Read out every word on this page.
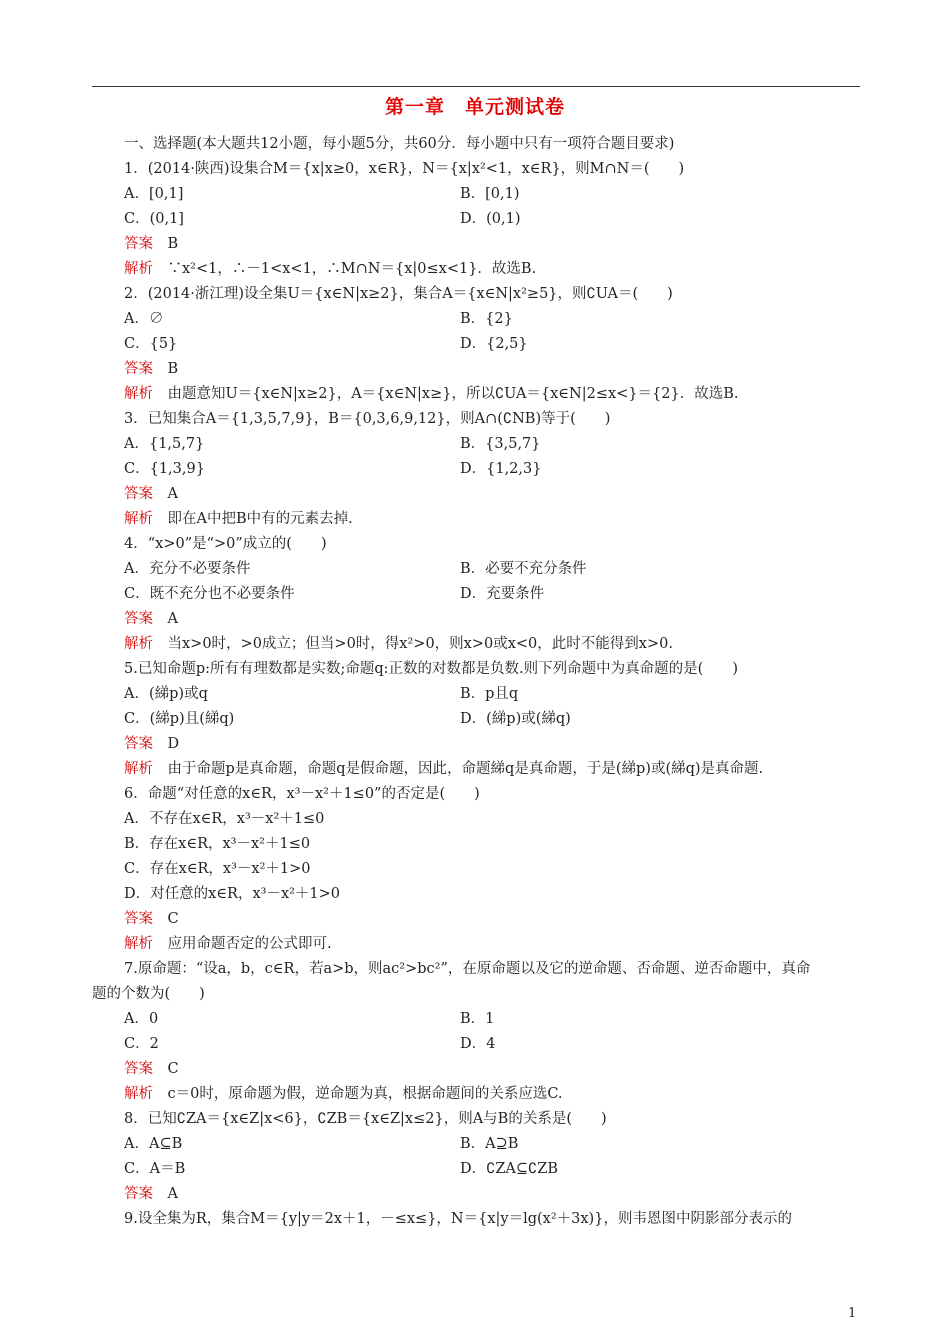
第一章　单元测试卷
一、选择题(本大题共12小题，每小题5分，共60分．每小题中只有一项符合题目要求)
1．(2014·陕西)设集合M＝{x|x≥0，x∈R}，N＝{x|x²<1，x∈R}，则M∩N＝(　　)
A．[0,1]	B．[0,1)
C．(0,1]	D．(0,1)
答案　B
解析　∵x²<1，∴－1<x<1，∴M∩N＝{x|0≤x<1}．故选B.
2．(2014·浙江理)设全集U＝{x∈N|x≥2}，集合A＝{x∈N|x²≥5}，则∁UA＝(　　)
A．∅	B．{2}
C．{5}	D．{2,5}
答案　B
解析　由题意知U＝{x∈N|x≥2}，A＝{x∈N|x≥}，所以∁UA＝{x∈N|2≤x<}＝{2}．故选B.
3．已知集合A＝{1,3,5,7,9}，B＝{0,3,6,9,12}，则A∩(∁NB)等于(　　)
A．{1,5,7}	B．{3,5,7}
C．{1,3,9}	D．{1,2,3}
答案　A
解析　即在A中把B中有的元素去掉.
4．“x>0”是“>0”成立的(　　)
A．充分不必要条件	B．必要不充分条件
C．既不充分也不必要条件	D．充要条件
答案　A
解析　当x>0时，>0成立；但当>0时，得x²>0，则x>0或x<0，此时不能得到x>0.
5.已知命题p:所有有理数都是实数;命题q:正数的对数都是负数.则下列命题中为真命题的是(　　)
A．(綈p)或q	B．p且q
C．(綈p)且(綈q)	D．(綈p)或(綈q)
答案　D
解析　由于命题p是真命题，命题q是假命题，因此，命题綈q是真命题，于是(綈p)或(綈q)是真命题.
6．命题“对任意的x∈R，x³－x²＋1≤0”的否定是(　　)
A．不存在x∈R，x³－x²＋1≤0
B．存在x∈R，x³－x²＋1≤0
C．存在x∈R，x³－x²＋1>0
D．对任意的x∈R，x³－x²＋1>0
答案　C
解析　应用命题否定的公式即可.
7.原命题：“设a，b，c∈R，若a>b，则ac²>bc²”，在原命题以及它的逆命题、否命题、逆否命题中，真命
题的个数为(　　)
A．0	B．1
C．2	D．4
答案　C
解析　c＝0时，原命题为假，逆命题为真，根据命题间的关系应选C.
8．已知∁ZA＝{x∈Z|x<6}，∁ZB＝{x∈Z|x≤2}，则A与B的关系是(　　)
A．A⊆B	B．A⊇B
C．A＝B	D．∁ZA⊆∁ZB
答案　A
9.设全集为R，集合M＝{y|y＝2x＋1，－≤x≤}，N＝{x|y＝lg(x²＋3x)}，则韦恩图中阴影部分表示的
1
